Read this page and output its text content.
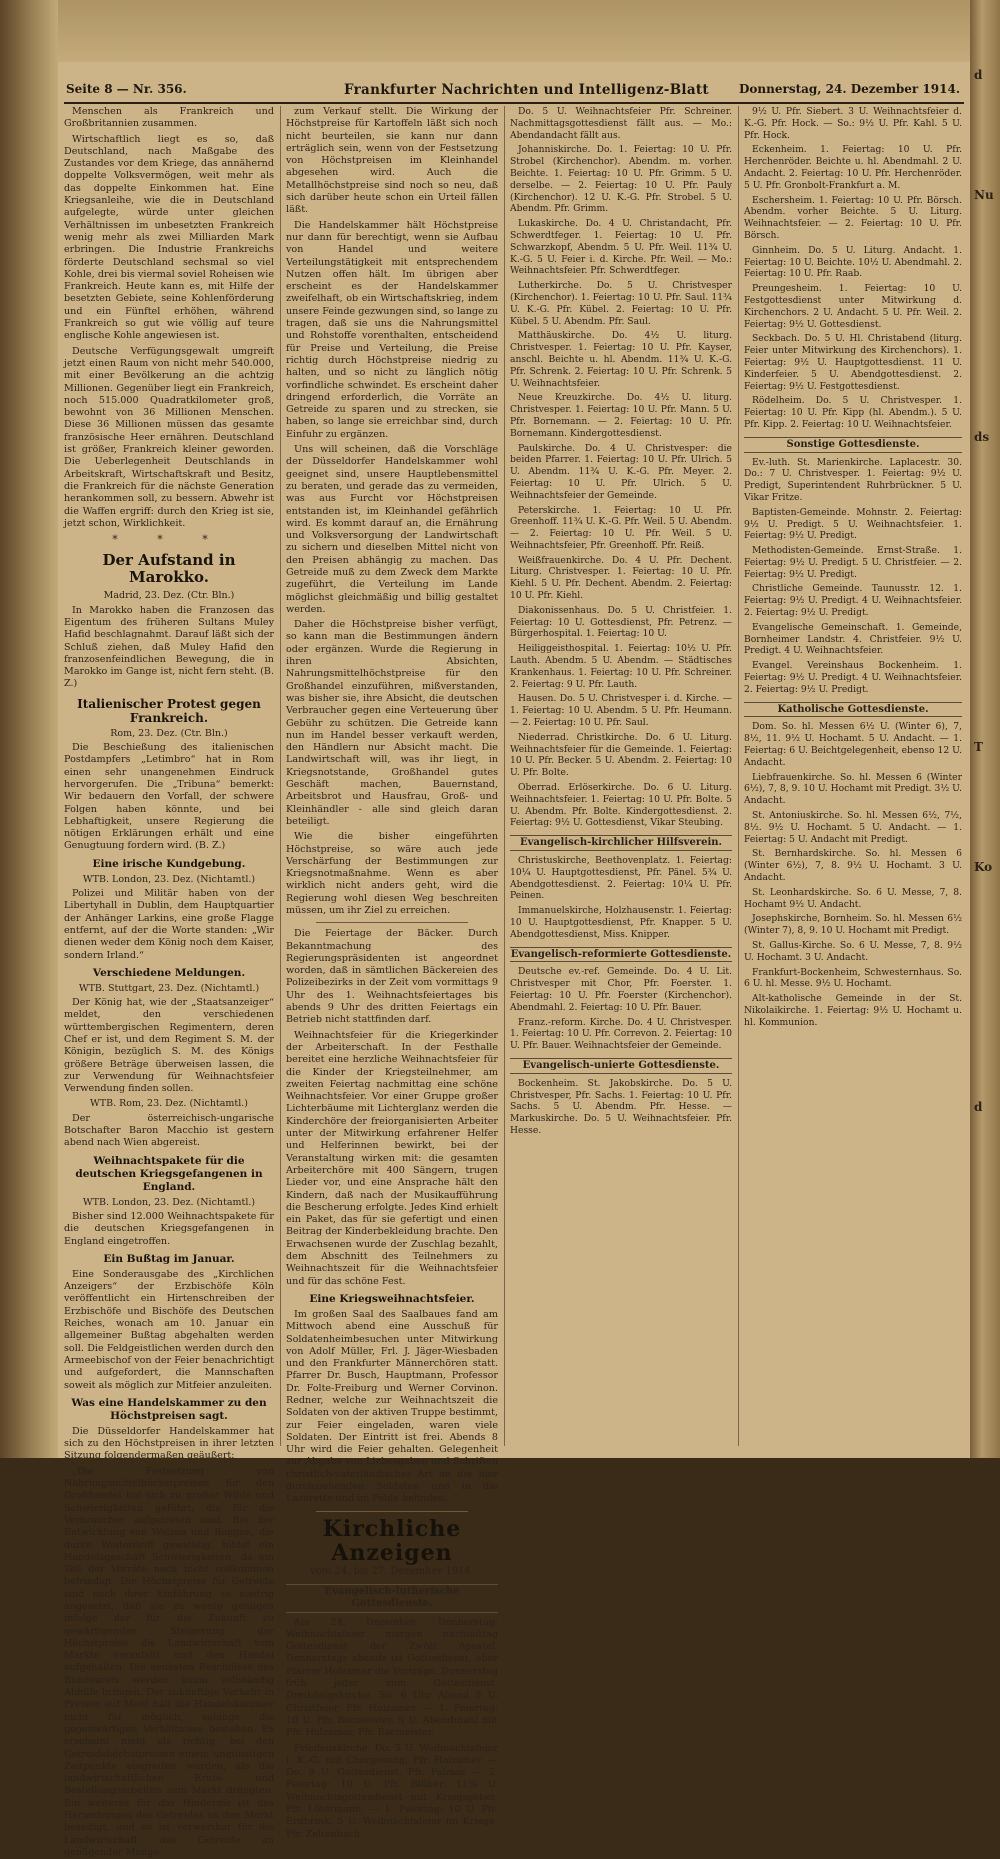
d
Nu
ds
T
Ko
d
Seite 8 — Nr. 356.	Frankfurter Nachrichten und Intelligenz-Blatt	Donnerstag, 24. Dezember 1914.

Menschen als Frankreich und Großbritannien zusammen.

Wirtschaftlich liegt es so, daß Deutschland, nach Maßgabe des Zustandes vor dem Kriege, das annähernd doppelte Volksvermögen, weit mehr als das doppelte Einkommen hat. Eine Kriegsanleihe, wie die in Deutschland aufgelegte, würde unter gleichen Verhältnissen im unbesetzten Frankreich wenig mehr als zwei Milliarden Mark erbringen. Die Industrie Frankreichs förderte Deutschland sechsmal so viel Kohle, drei bis viermal soviel Roheisen wie Frankreich. Heute kann es, mit Hilfe der besetzten Gebiete, seine Kohlenförderung und ein Fünftel erhöhen, während Frankreich so gut wie völlig auf teure englische Kohle angewiesen ist.

Deutsche Verfügungsgewalt umgreift jetzt einen Raum von nicht mehr 540.000, mit einer Bevölkerung an die achtzig Millionen. Gegenüber liegt ein Frankreich, noch 515.000 Quadratkilometer groß, bewohnt von 36 Millionen Menschen. Diese 36 Millionen müssen das gesamte französische Heer ernähren. Deutschland ist größer, Frankreich kleiner geworden. Die Ueberlegenheit Deutschlands in Arbeitskraft, Wirtschaftskraft und Besitz, die Frankreich für die nächste Generation herankommen soll, zu bessern. Abwehr ist die Waffen ergriff: durch den Krieg ist sie, jetzt schon, Wirklichkeit.

* * *
Der Aufstand in Marokko.
Madrid, 23. Dez. (Ctr. Bln.)

In Marokko haben die Franzosen das Eigentum des früheren Sultans Muley Hafid beschlagnahmt. Darauf läßt sich der Schluß ziehen, daß Muley Hafid den franzosenfeindlichen Bewegung, die in Marokko im Gange ist, nicht fern steht. (B. Z.)

Italienischer Protest gegen Frankreich.
Rom, 23. Dez. (Ctr. Bln.)

Die Beschießung des italienischen Postdampfers „Letimbro“ hat in Rom einen sehr unangenehmen Eindruck hervorgerufen. Die „Tribuna“ bemerkt: Wir bedauern den Vorfall, der schwere Folgen haben könnte, und bei Lebhaftigkeit, unsere Regierung die nötigen Erklärungen erhält und eine Genugtuung fordern wird. (B. Z.)

Eine irische Kundgebung.
WTB. London, 23. Dez. (Nichtamtl.)

Polizei und Militär haben von der Libertyhall in Dublin, dem Hauptquartier der Anhänger Larkins, eine große Flagge entfernt, auf der die Worte standen: „Wir dienen weder dem König noch dem Kaiser, sondern Irland.“

Verschiedene Meldungen.
WTB. Stuttgart, 23. Dez. (Nichtamtl.)

Der König hat, wie der „Staatsanzeiger“ meldet, den verschiedenen württembergischen Regimentern, deren Chef er ist, und dem Regiment S. M. der Königin, bezüglich S. M. des Königs größere Beträge überweisen lassen, die zur Verwendung für Weihnachtsfeier Verwendung finden sollen.

WTB. Rom, 23. Dez. (Nichtamtl.)

Der österreichisch-ungarische Botschafter Baron Macchio ist gestern abend nach Wien abgereist.

Weihnachtspakete für die deutschen Kriegsgefangenen in England.
WTB. London, 23. Dez. (Nichtamtl.)

Bisher sind 12.000 Weihnachtspakete für die deutschen Kriegsgefangenen in England eingetroffen.

Ein Bußtag im Januar.

Eine Sonderausgabe des „Kirchlichen Anzeigers“ der Erzbischöfe Köln veröffentlicht ein Hirtenschreiben der Erzbischöfe und Bischöfe des Deutschen Reiches, wonach am 10. Januar ein allgemeiner Bußtag abgehalten werden soll. Die Feldgeistlichen werden durch den Armeebischof von der Feier benachrichtigt und aufgefordert, die Mannschaften soweit als möglich zur Mitfeier anzuleiten.

Was eine Handelskammer zu den Höchstpreisen sagt.

Die Düsseldorfer Handelskammer hat sich zu den Höchstpreisen in ihrer letzten Sitzung folgendermaßen geäußert:

„Die Festsetzung von Nahrungsmittelhöchstpreisen für den Großhandel hat sich zu großer Wilde und Schwierigkeiten geführt, die für die Verbraucher aufgetreten sind. Bei der Entwicklung von Weizen und Roggen, die durch Weiterdrift gewichtig, bildet ein Handelsgeschäft Schwierigkeiten, da ein Teil der Vorräte noch nicht vollkommen befriedigt. Die Höchstpreise für Getreide sind nach ihrer Einführung so niedrig angesetzt, daß sie zu wenig genügen infolge der für die Zukunft zu gewärtigenden Steigerung der Höchstpreise die Landwirtschaft vom Markte veranlaßt und den Handel aufgehalten. Die neuesten Beschlüsse des Bundesrats werden kaum vollständig Abhilfe bringen. Der zukünftige Verkehr in Preisen auf Mehl hält die Handelskammer nicht für möglich, solange die gegenwärtigen Verhältnisse bestehen. Es erscheint nicht als richtig, bei den Getreidehöchstpreisen einem ungünstigen Zeitpunkte eingreifen wurden, als die landwirtschaftlichen Ernte- und Bestellungsarbeiten zum Markt drängten. Ein weiteres für das Hindernis ist das Herandringen des Getreides an den Markt beseitigt, und so ist verwertbar für die Landwirtschaft das Getreide an genügender Menge.

zum Verkauf stellt. Die Wirkung der Höchstpreise für Kartoffeln läßt sich noch nicht beurteilen, sie kann nur dann erträglich sein, wenn von der Festsetzung von Höchstpreisen im Kleinhandel abgesehen wird. Auch die Metallhöchstpreise sind noch so neu, daß sich darüber heute schon ein Urteil fällen läßt.

Die Handelskammer hält Höchstpreise nur dann für berechtigt, wenn sie Aufbau von Handel und weitere Verteilungstätigkeit mit entsprechendem Nutzen offen hält. Im übrigen aber erscheint es der Handelskammer zweifelhaft, ob ein Wirtschaftskrieg, indem unsere Feinde gezwungen sind, so lange zu tragen, daß sie uns die Nahrungsmittel und Rohstoffe vorenthalten, entscheidend für Preise und Verteilung, die Preise richtig durch Höchstpreise niedrig zu halten, und so nicht zu länglich nötig vorfindliche schwindet. Es erscheint daher dringend erforderlich, die Vorräte an Getreide zu sparen und zu strecken, sie haben, so lange sie erreichbar sind, durch Einfuhr zu ergänzen.

Uns will scheinen, daß die Vorschläge der Düsseldorfer Handelskammer wohl geeignet sind, unsere Hauptlebensmittel zu beraten, und gerade das zu vermeiden, was aus Furcht vor Höchstpreisen entstanden ist, im Kleinhandel gefährlich wird. Es kommt darauf an, die Ernährung und Volksversorgung der Landwirtschaft zu sichern und dieselben Mittel nicht von den Preisen abhängig zu machen. Das Getreide muß zu dem Zweck dem Markte zugeführt, die Verteilung im Lande möglichst gleichmäßig und billig gestaltet werden.

Daher die Höchstpreise bisher verfügt, so kann man die Bestimmungen ändern oder ergänzen. Wurde die Regierung in ihren Absichten, Nahrungsmittelhöchstpreise für den Großhandel einzuführen, mißverstanden, was bisher sie, ihre Absicht, die deutschen Verbraucher gegen eine Verteuerung über Gebühr zu schützen. Die Getreide kann nun im Handel besser verkauft werden, den Händlern nur Absicht macht. Die Landwirtschaft will, was ihr liegt, in Kriegsnotstande, Großhandel gutes Geschäft machen, Bauernstand, Arbeitsbrot und Hausfrau, Groß- und Kleinhändler - alle sind gleich daran beteiligt.

Wie die bisher eingeführten Höchstpreise, so wäre auch jede Verschärfung der Bestimmungen zur Kriegsnotmaßnahme. Wenn es aber wirklich nicht anders geht, wird die Regierung wohl diesen Weg beschreiten müssen, um ihr Ziel zu erreichen.

Die Feiertage der Bäcker. Durch Bekanntmachung des Regierungspräsidenten ist angeordnet worden, daß in sämtlichen Bäckereien des Polizeibezirks in der Zeit vom vormittags 9 Uhr des 1. Weihnachtsfeiertages bis abends 9 Uhr des dritten Feiertags ein Betrieb nicht stattfinden darf.

Weihnachtsfeier für die Kriegerkinder der Arbeiterschaft. In der Festhalle bereitet eine herzliche Weihnachtsfeier für die Kinder der Kriegsteilnehmer, am zweiten Feiertag nachmittag eine schöne Weihnachtsfeier. Vor einer Gruppe großer Lichterbäume mit Lichterglanz werden die Kinderchöre der freiorganisierten Arbeiter unter der Mitwirkung erfahrener Helfer und Helferinnen bewirkt, bei der Veranstaltung wirken mit: die gesamten Arbeiterchöre mit 400 Sängern, trugen Lieder vor, und eine Ansprache hält den Kindern, daß nach der Musikaufführung die Bescherung erfolgte. Jedes Kind erhielt ein Paket, das für sie gefertigt und einen Beitrag der Kinderbekleidung brachte. Den Erwachsenen wurde der Zuschlag bezahlt, dem Abschnitt des Teilnehmers zu Weihnachtszeit für die Weihnachtsfeier und für das schöne Fest.

Eine Kriegsweihnachtsfeier.

Im großen Saal des Saalbaues fand am Mittwoch abend eine Ausschuß für Soldatenheimbesuchen unter Mitwirkung von Adolf Müller, Frl. J. Jäger-Wiesbaden und den Frankfurter Männerchören statt. Pfarrer Dr. Busch, Hauptmann, Professor Dr. Folte-Freiburg und Werner Corvinon. Redner, welche zur Weihnachtszeit die Soldaten von der aktiven Truppe bestimmt, zur Feier eingeladen, waren viele Soldaten. Der Eintritt ist frei. Abends 8 Uhr wird die Feier gehalten. Gelegenheit zur Abgabe von Liebesgaben und Schriften christlich-vaterländischer Art an die hier durchziehenden Soldaten und in die Lazarette und im Felde befinden.

Kirchliche Anzeigen
vom 24. bis 27. Dezember 1914.
Evangelisch-lutherische Gottesdienste.

Am 24. Dezember, Donnerstag: Weihnachtsfeier morgen nachmittag Gottesdienst der Zwölf Apostel. Donnerstags abends ist Gottesdienst, aber Pfarrer Holzamer die Vorträge. Donnerstag früh jeder zum Gottesdienst. Dreikönigskirche. So. 6 Uhr Abend 8 U. Christfeier, Pfr. Holzamer. — 1. Feiertag: 10 U. Pfr. Bacmeister. 5 U. Abendmahl mit Pfr. Holzamer, Pfr. Bacmeister.

Friedenskirche. Do. 5 U. Weihnachtsfeier i. K.-G. mit Chorgesang, Pfr. Holzamer. — Do. 9 U. Gottesdienst, Pfr. Palmer. — 2. Feiertag: 10 U. Pfr. Blüher. 11¾ U. Weihnachtsgottesdienst mit Kriegsgebet, Pfr. Lötermann. — 1. Feiertag: 10 U. Pfr. Erdbrink. 5 U. Weihnachtsfeier im Kriege, Pfr. Zeltenbach.

Do. 5 U. Weihnachtsfeier Pfr. Schreiner. Nachmittagsgottesdienst fällt aus. — Mo.: Abendandacht fällt aus.

Johanniskirche. Do. 1. Feiertag: 10 U. Pfr. Strobel (Kirchenchor). Abendm. m. vorher. Beichte. 1. Feiertag: 10 U. Pfr. Grimm. 5 U. derselbe. — 2. Feiertag: 10 U. Pfr. Pauly (Kirchenchor). 12 U. K.-G. Pfr. Strobel. 5 U. Abendm. Pfr. Grimm.

Lukaskirche. Do. 4 U. Christandacht, Pfr. Schwerdtfeger. 1. Feiertag: 10 U. Pfr. Schwarzkopf, Abendm. 5 U. Pfr. Weil. 11¾ U. K.-G. 5 U. Feier i. d. Kirche. Pfr. Weil. — Mo.: Weihnachtsfeier. Pfr. Schwerdtfeger.

Lutherkirche. Do. 5 U. Christvesper (Kirchenchor). 1. Feiertag: 10 U. Pfr. Saul. 11¾ U. K.-G. Pfr. Kübel. 2. Feiertag: 10 U. Pfr. Kübel. 5 U. Abendm. Pfr. Saul.

Matthäuskirche. Do. 4½ U. liturg. Christvesper. 1. Feiertag: 10 U. Pfr. Kayser, anschl. Beichte u. hl. Abendm. 11¾ U. K.-G. Pfr. Schrenk. 2. Feiertag: 10 U. Pfr. Schrenk. 5 U. Weihnachtsfeier.

Neue Kreuzkirche. Do. 4½ U. liturg. Christvesper. 1. Feiertag: 10 U. Pfr. Mann. 5 U. Pfr. Bornemann. — 2. Feiertag: 10 U. Pfr. Bornemann. Kindergottesdienst.

Paulskirche. Do. 4 U. Christvesper: die beiden Pfarrer. 1. Feiertag: 10 U. Pfr. Ulrich. 5 U. Abendm. 11¾ U. K.-G. Pfr. Meyer. 2. Feiertag: 10 U. Pfr. Ulrich. 5 U. Weihnachtsfeier der Gemeinde.

Peterskirche. 1. Feiertag: 10 U. Pfr. Greenhoff. 11¾ U. K.-G. Pfr. Weil. 5 U. Abendm. — 2. Feiertag: 10 U. Pfr. Weil. 5 U. Weihnachtsfeier, Pfr. Greenhoff. Pfr. Reiß.

Weißfrauenkirche. Do. 4 U. Pfr. Dechent. Liturg. Christvesper. 1. Feiertag: 10 U. Pfr. Kiehl. 5 U. Pfr. Dechent. Abendm. 2. Feiertag: 10 U. Pfr. Kiehl.

Diakonissenhaus. Do. 5 U. Christfeier. 1. Feiertag: 10 U. Gottesdienst, Pfr. Petrenz. — Bürgerhospital. 1. Feiertag: 10 U.

Heiliggeisthospital. 1. Feiertag: 10½ U. Pfr. Lauth. Abendm. 5 U. Abendm. — Städtisches Krankenhaus. 1. Feiertag: 10 U. Pfr. Schreiner. 2. Feiertag: 9 U. Pfr. Lauth.

Hausen. Do. 5 U. Christvesper i. d. Kirche. — 1. Feiertag: 10 U. Abendm. 5 U. Pfr. Heumann. — 2. Feiertag: 10 U. Pfr. Saul.

Niederrad. Christkirche. Do. 6 U. Liturg. Weihnachtsfeier für die Gemeinde. 1. Feiertag: 10 U. Pfr. Becker. 5 U. Abendm. 2. Feiertag: 10 U. Pfr. Bolte.

Oberrad. Erlöserkirche. Do. 6 U. Liturg. Weihnachtsfeier. 1. Feiertag: 10 U. Pfr. Bolte. 5 U. Abendm. Pfr. Bolte. Kindergottesdienst. 2. Feiertag: 9½ U. Gottesdienst, Vikar Steubing.

Evangelisch-kirchlicher Hilfsverein.

Christuskirche, Beethovenplatz. 1. Feiertag: 10¼ U. Hauptgottesdienst, Pfr. Pänel. 5¾ U. Abendgottesdienst. 2. Feiertag: 10¼ U. Pfr. Peinen.

Immanuelskirche, Holzhausenstr. 1. Feiertag: 10 U. Hauptgottesdienst, Pfr. Knapper. 5 U. Abendgottesdienst, Miss. Knipper.

Evangelisch-reformierte Gottesdienste.

Deutsche ev.-ref. Gemeinde. Do. 4 U. Lit. Christvesper mit Chor, Pfr. Foerster. 1. Feiertag: 10 U. Pfr. Foerster (Kirchenchor). Abendmahl. 2. Feiertag: 10 U. Pfr. Bauer.

Franz.-reform. Kirche. Do. 4 U. Christvesper. 1. Feiertag: 10 U. Pfr. Correvon. 2. Feiertag: 10 U. Pfr. Bauer. Weihnachtsfeier der Gemeinde.

Evangelisch-unierte Gottesdienste.

Bockenheim. St. Jakobskirche. Do. 5 U. Christvesper, Pfr. Sachs. 1. Feiertag: 10 U. Pfr. Sachs. 5 U. Abendm. Pfr. Hesse. — Markuskirche. Do. 5 U. Weihnachtsfeier. Pfr. Hesse.

9½ U. Pfr. Siebert. 3 U. Weihnachtsfeier d. K.-G. Pfr. Hock. — So.: 9½ U. Pfr. Kahl. 5 U. Pfr. Hock.

Eckenheim. 1. Feiertag: 10 U. Pfr. Herchenröder. Beichte u. hl. Abendmahl. 2 U. Andacht. 2. Feiertag: 10 U. Pfr. Herchenröder. 5 U. Pfr. Gronbolt-Frankfurt a. M.

Eschersheim. 1. Feiertag: 10 U. Pfr. Börsch. Abendm. vorher Beichte. 5 U. Liturg. Weihnachtsfeier. — 2. Feiertag: 10 U. Pfr. Börsch.

Ginnheim. Do. 5 U. Liturg. Andacht. 1. Feiertag: 10 U. Beichte. 10½ U. Abendmahl. 2. Feiertag: 10 U. Pfr. Raab.

Preungesheim. 1. Feiertag: 10 U. Festgottesdienst unter Mitwirkung d. Kirchenchors. 2 U. Andacht. 5 U. Pfr. Weil. 2. Feiertag: 9½ U. Gottesdienst.

Seckbach. Do. 5 U. Hl. Christabend (liturg. Feier unter Mitwirkung des Kirchenchors). 1. Feiertag: 9½ U. Hauptgottesdienst. 11 U. Kinderfeier. 5 U. Abendgottesdienst. 2. Feiertag: 9½ U. Festgottesdienst.

Rödelheim. Do. 5 U. Christvesper. 1. Feiertag: 10 U. Pfr. Kipp (hl. Abendm.). 5 U. Pfr. Kipp. 2. Feiertag: 10 U. Weihnachtsfeier.

Sonstige Gottesdienste.

Ev.-luth. St. Marienkirche. Laplacestr. 30. Do.: 7 U. Christvesper. 1. Feiertag: 9½ U. Predigt, Superintendent Ruhrbrückner. 5 U. Vikar Fritze.

Baptisten-Gemeinde. Mohnstr. 2. Feiertag: 9½ U. Predigt. 5 U. Weihnachtsfeier. 1. Feiertag: 9½ U. Predigt.

Methodisten-Gemeinde. Ernst-Straße. 1. Feiertag: 9½ U. Predigt. 5 U. Christfeier. — 2. Feiertag: 9½ U. Predigt.

Christliche Gemeinde. Taunusstr. 12. 1. Feiertag: 9½ U. Predigt. 4 U. Weihnachtsfeier. 2. Feiertag: 9½ U. Predigt.

Evangelische Gemeinschaft. 1. Gemeinde, Bornheimer Landstr. 4. Christfeier. 9½ U. Predigt. 4 U. Weihnachtsfeier.

Evangel. Vereinshaus Bockenheim. 1. Feiertag: 9½ U. Predigt. 4 U. Weihnachtsfeier. 2. Feiertag: 9½ U. Predigt.

Katholische Gottesdienste.

Dom. So. hl. Messen 6½ U. (Winter 6), 7, 8½, 11. 9½ U. Hochamt. 5 U. Andacht. — 1. Feiertag: 6 U. Beichtgelegenheit, ebenso 12 U. Andacht.

Liebfrauenkirche. So. hl. Messen 6 (Winter 6½), 7, 8, 9. 10 U. Hochamt mit Predigt. 3½ U. Andacht.

St. Antoniuskirche. So. hl. Messen 6½, 7½, 8½. 9½ U. Hochamt. 5 U. Andacht. — 1. Feiertag: 5 U. Andacht mit Predigt.

St. Bernhardskirche. So. hl. Messen 6 (Winter 6½), 7, 8. 9½ U. Hochamt. 3 U. Andacht.

St. Leonhardskirche. So. 6 U. Messe, 7, 8. Hochamt 9½ U. Andacht.

Josephskirche, Bornheim. So. hl. Messen 6½ (Winter 7), 8, 9. 10 U. Hochamt mit Predigt.

St. Gallus-Kirche. So. 6 U. Messe, 7, 8. 9½ U. Hochamt. 3 U. Andacht.

Frankfurt-Bockenheim, Schwesternhaus. So. 6 U. hl. Messe. 9½ U. Hochamt.

Alt-katholische Gemeinde in der St. Nikolaikirche. 1. Feiertag: 9½ U. Hochamt u. hl. Kommunion.
